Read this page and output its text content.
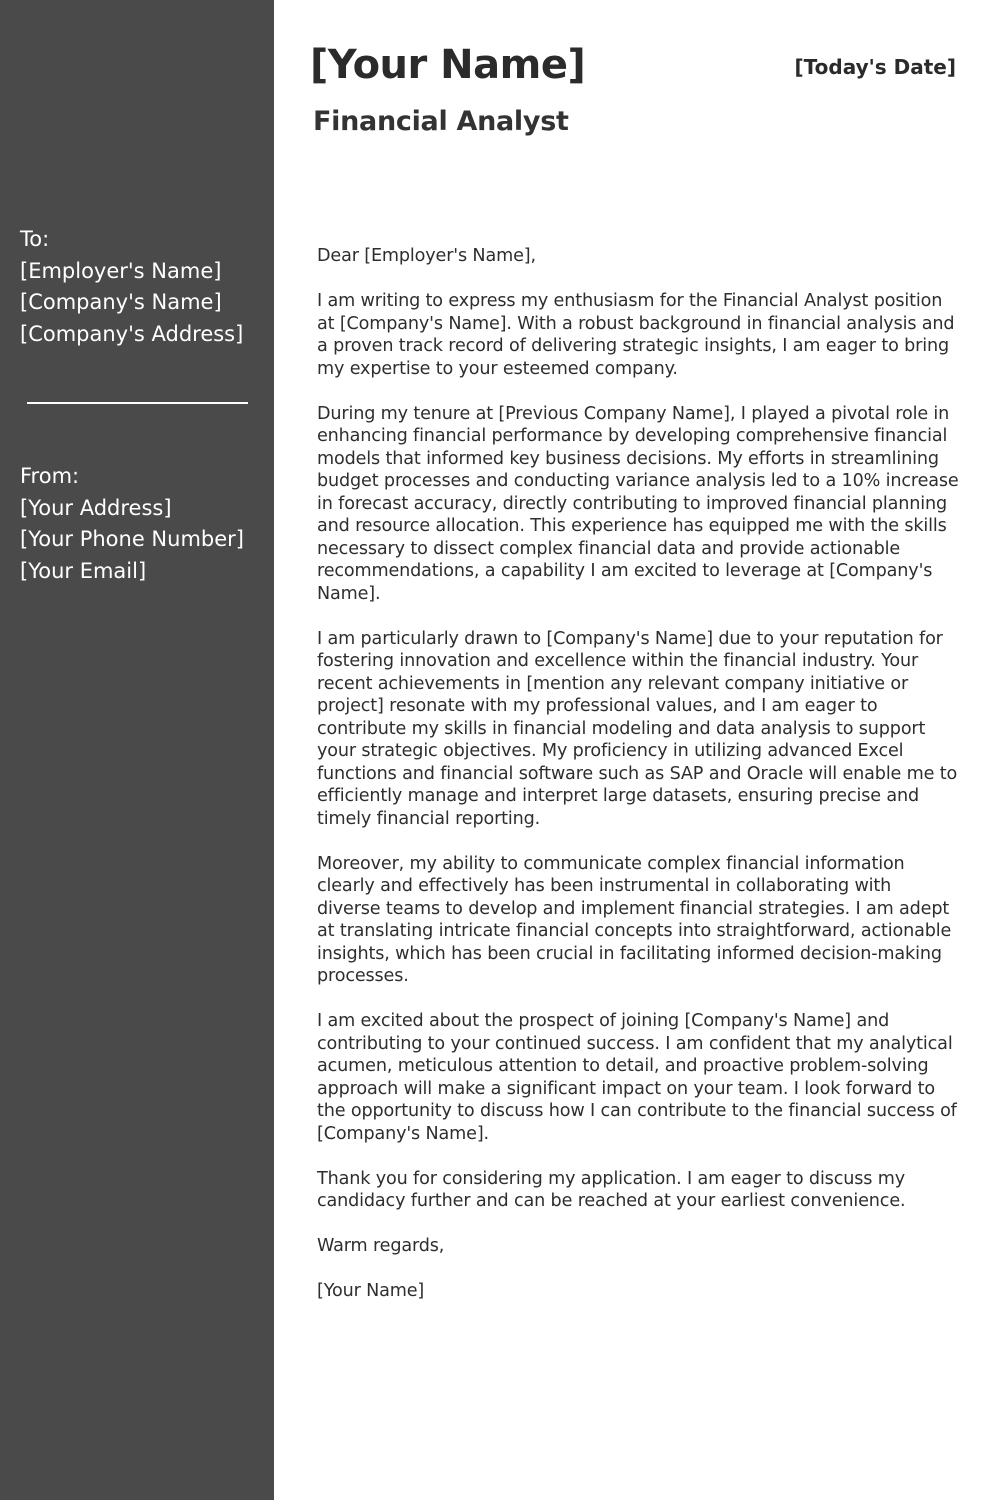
To:
[Employer's Name]
[Company's Name]
[Company's Address]
From:
[Your Address]
[Your Phone Number]
[Your Email]
[Your Name]	[Today's Date]
Financial Analyst

Dear [Employer's Name],

I am writing to express my enthusiasm for the Financial Analyst position at [Company's Name]. With a robust background in financial analysis and a proven track record of delivering strategic insights, I am eager to bring my expertise to your esteemed company.

During my tenure at [Previous Company Name], I played a pivotal role in enhancing financial performance by developing comprehensive financial models that informed key business decisions. My efforts in streamlining budget processes and conducting variance analysis led to a 10% increase in forecast accuracy, directly contributing to improved financial planning and resource allocation. This experience has equipped me with the skills necessary to dissect complex financial data and provide actionable recommendations, a capability I am excited to leverage at [Company's Name].

I am particularly drawn to [Company's Name] due to your reputation for fostering innovation and excellence within the financial industry. Your recent achievements in [mention any relevant company initiative or project] resonate with my professional values, and I am eager to contribute my skills in financial modeling and data analysis to support your strategic objectives. My proficiency in utilizing advanced Excel functions and financial software such as SAP and Oracle will enable me to efficiently manage and interpret large datasets, ensuring precise and timely financial reporting.

Moreover, my ability to communicate complex financial information clearly and effectively has been instrumental in collaborating with diverse teams to develop and implement financial strategies. I am adept at translating intricate financial concepts into straightforward, actionable insights, which has been crucial in facilitating informed decision-making processes.

I am excited about the prospect of joining [Company's Name] and contributing to your continued success. I am confident that my analytical acumen, meticulous attention to detail, and proactive problem-solving approach will make a significant impact on your team. I look forward to the opportunity to discuss how I can contribute to the financial success of [Company's Name].

Thank you for considering my application. I am eager to discuss my candidacy further and can be reached at your earliest convenience.

Warm regards,

[Your Name]
